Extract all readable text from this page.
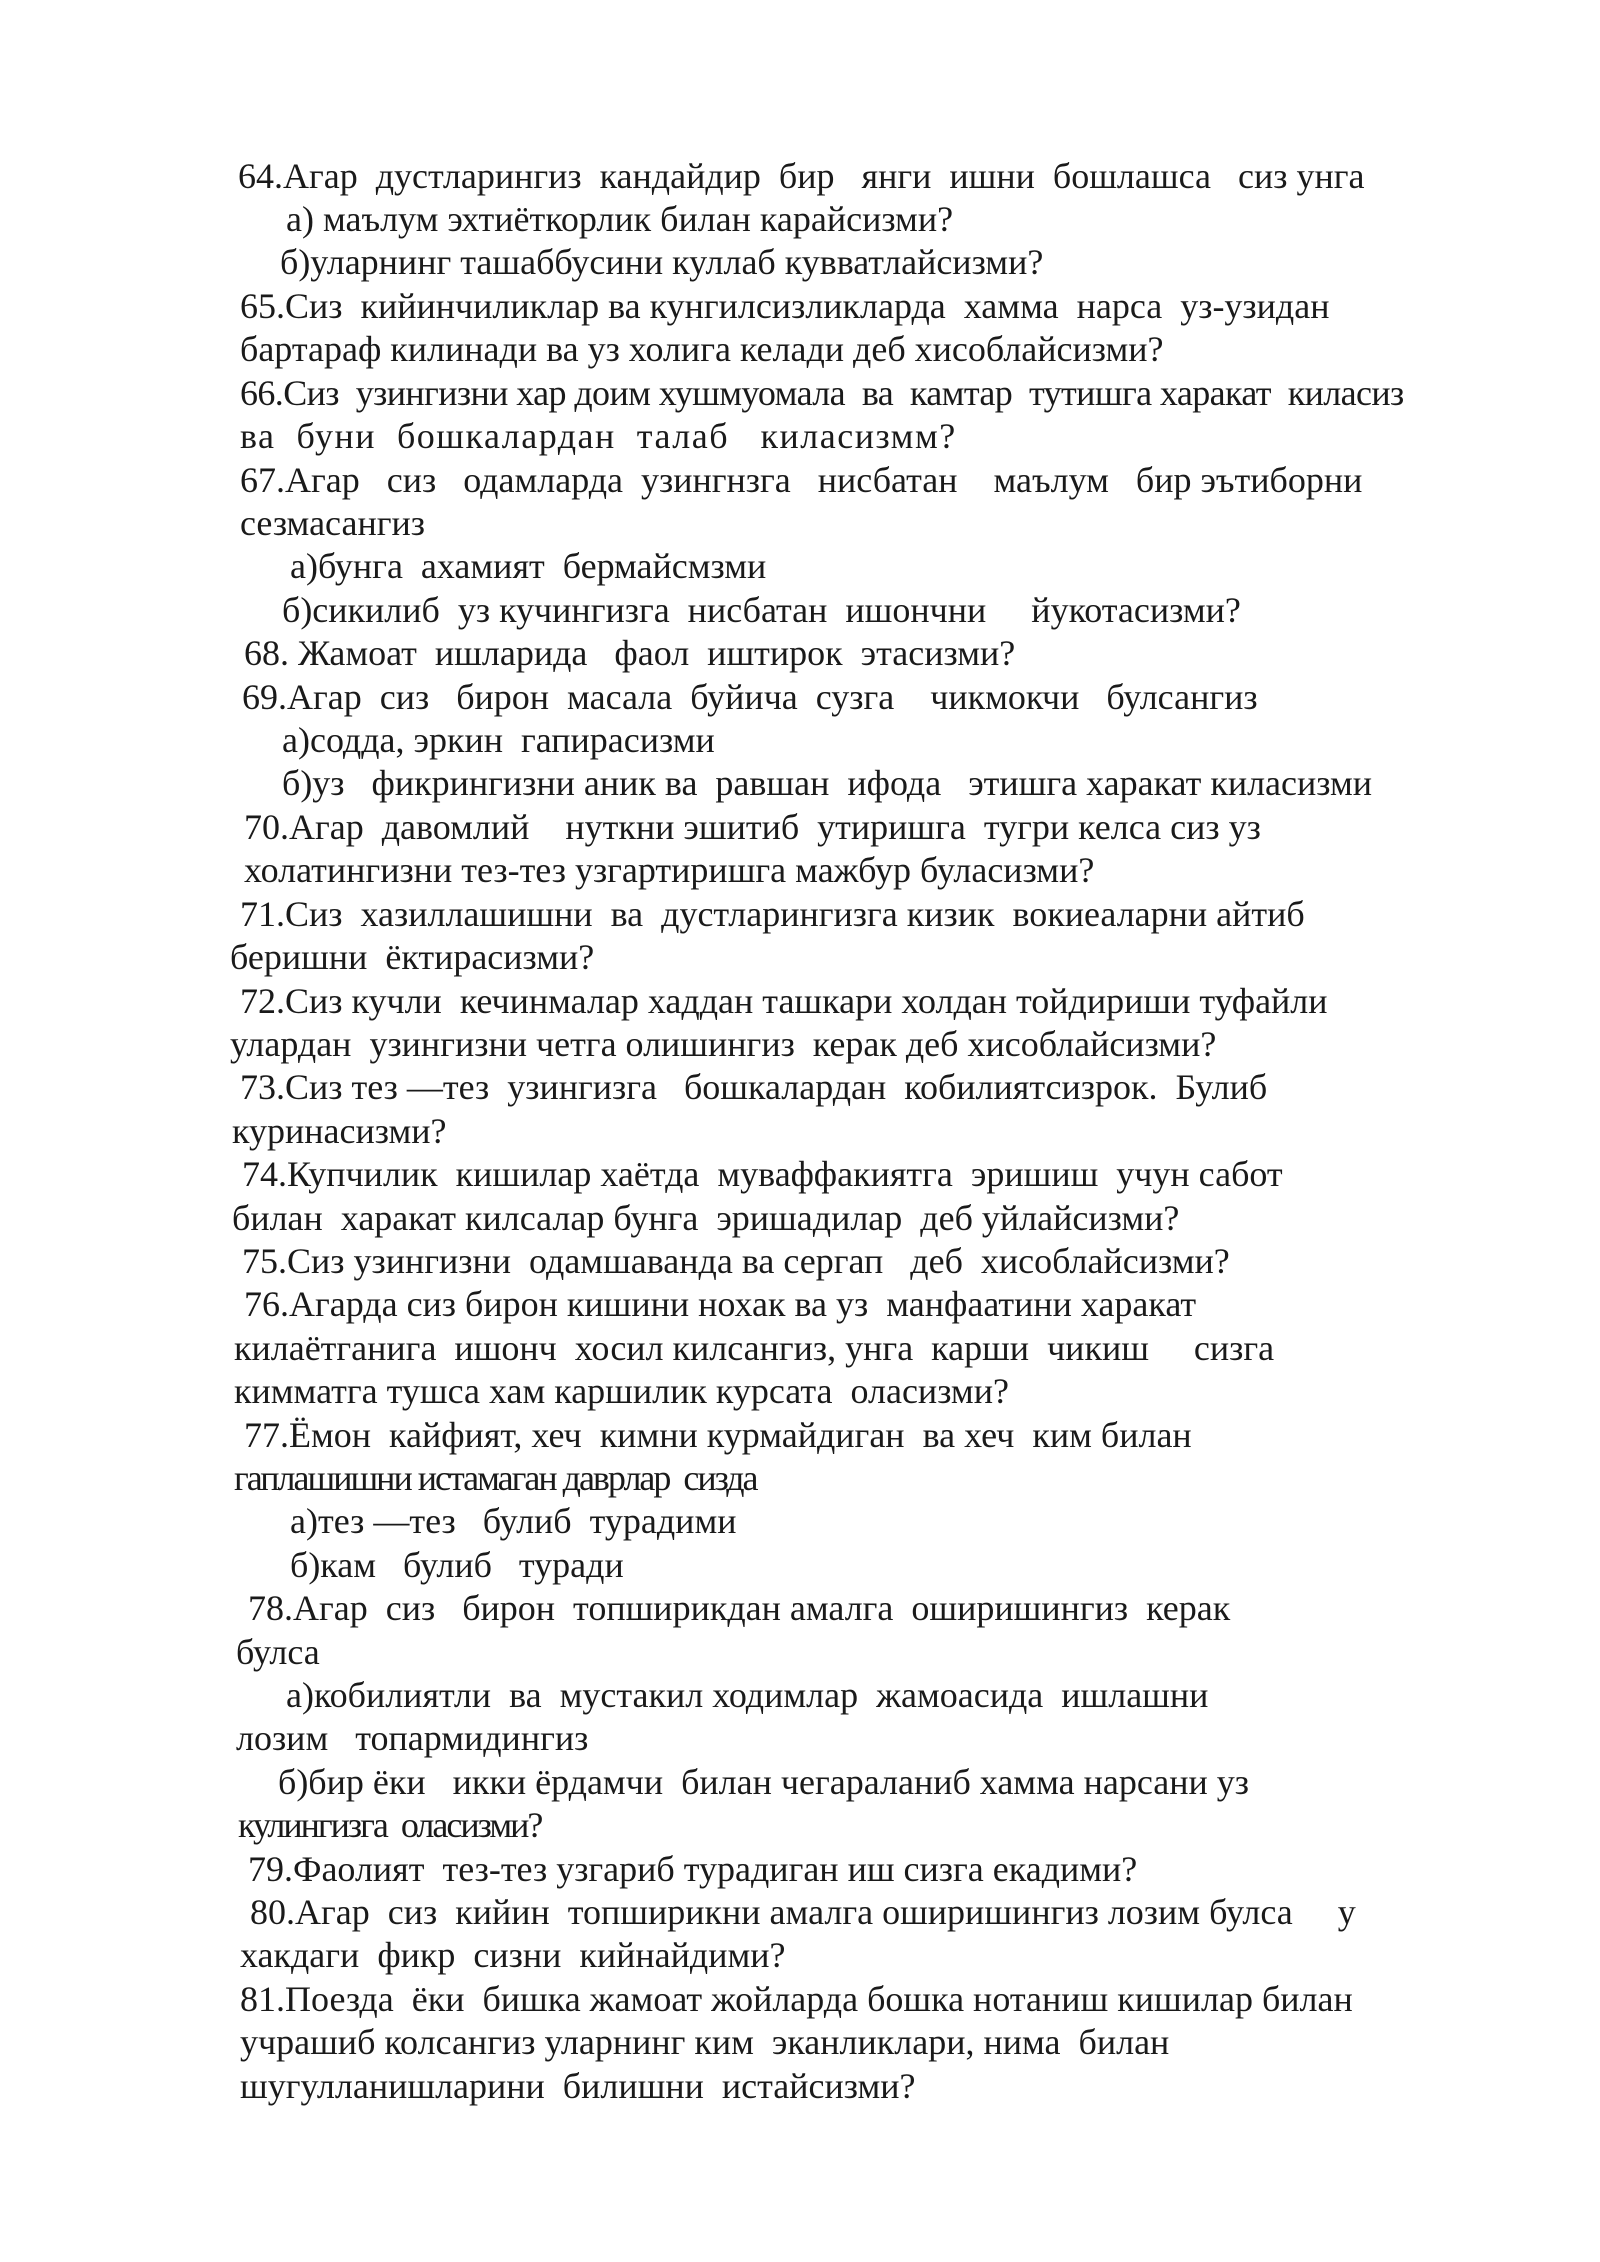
64.Агар  дустларингиз  кандайдир  бир   янги  ишни  бошлашса   сиз унга
а) маълум эхтиёткорлик билан карайсизми?
б)уларнинг ташаббусини куллаб кувватлайсизми?
65.Сиз  кийинчиликлар ва кунгилсизликларда  хамма  нарса  уз-узидан
бартараф килинади ва уз холига келади деб хисоблайсизми?
66.Сиз  узингизни хар доим хушмуомала  ва  камтар  тутишга харакат  киласиз
ва  буни  бошкалардан  талаб   киласизмм?
67.Агар   сиз   одамларда  узингнзга   нисбатан    маълум   бир эътиборни
сезмасангиз
а)бунга  ахамият  бермайсмзми
б)сикилиб  уз кучингизга  нисбатан  ишончни     йукотасизми?
68. Жамоат  ишларида   фаол  иштирок  этасизми?
69.Агар  сиз   бирон  масала  буйича  сузга    чикмокчи   булсангиз
а)содда, эркин  гапирасизми
б)уз   фикрингизни аник ва  равшан  ифода   этишга харакат киласизми
70.Агар  давомлий    нуткни эшитиб  утиришга  тугри келса сиз уз
холатингизни тез-тез узгартиришга мажбур буласизми?
71.Сиз  хазиллашишни  ва  дустларингизга кизик  вокиеаларни айтиб
беришни  ёктирасизми?
72.Сиз кучли  кечинмалар хаддан ташкари холдан тойдириши туфайли
улардан  узингизни четга олишингиз  керак деб хисоблайсизми?
73.Сиз тез —тез  узингизга   бошкалардан  кобилиятсизрок.  Булиб
куринасизми?
74.Купчилик  кишилар хаётда  муваффакиятга  эришиш  учун сабот
билан  харакат килсалар бунга  эришадилар  деб уйлайсизми?
75.Сиз узингизни  одамшаванда ва сергап   деб  хисоблайсизми?
76.Агарда сиз бирон кишини нохак ва уз  манфаатини харакат
килаётганига  ишонч  хосил килсангиз, унга  карши  чикиш     сизга
кимматга тушса хам каршилик курсата  оласизми?
77.Ёмон  кайфият, хеч  кимни курмайдиган  ва хеч  ким билан
гаплашишни истамаган даврлар  сизда
а)тез —тез   булиб  турадими
б)кам   булиб   туради
78.Агар  сиз   бирон  топширикдан амалга  оширишингиз  керак
булса
а)кобилиятли  ва  мустакил ходимлар  жамоасида  ишлашни
лозим   топармидингиз
б)бир ёки   икки ёрдамчи  билан чегараланиб хамма нарсани уз
кулингизга  оласизми?
79.Фаолият  тез-тез узгариб турадиган иш сизга екадими?
80.Агар  сиз  кийин  топширикни амалга оширишингиз лозим булса     у
хакдаги  фикр  сизни  кийнайдими?
81.Поезда  ёки  бишка жамоат жойларда бошка нотаниш кишилар билан
учрашиб колсангиз уларнинг ким  эканликлари, нима  билан
шугулланишларини  билишни  истайсизми?
